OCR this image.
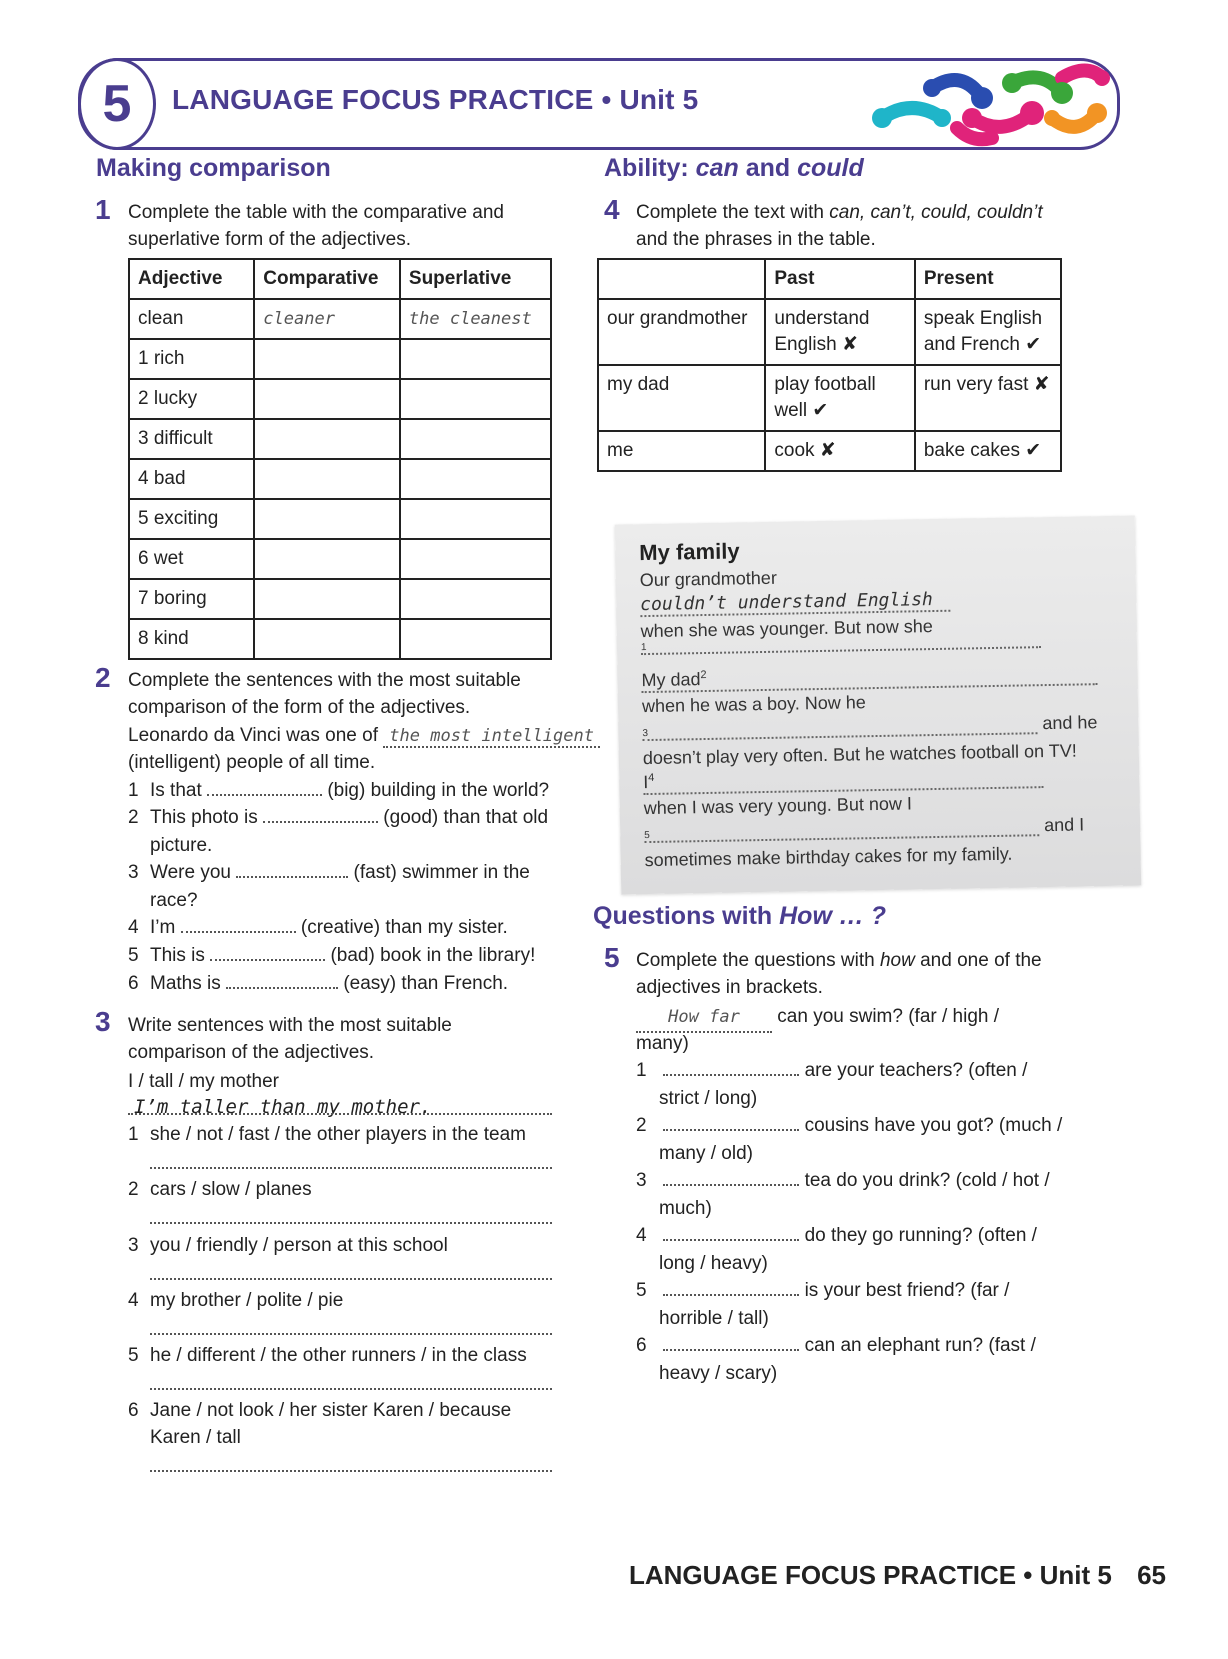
5	LANGUAGE FOCUS PRACTICE • Unit 5
Making comparison
1 Complete the table with the comparative and
superlative form of the adjectives.
Adjective	Comparative	Superlative
clean	cleaner	the cleanest
1 rich		
2 lucky		
3 difficult		
4 bad		
5 exciting		
6 wet		
7 boring		
8 kind		
2 Complete the sentences with the most suitable
comparison of the form of the adjectives.
Leonardo da Vinci was one of the most intelligent
(intelligent) people of all time.
1 Is that	(big) building in the world?
2 This photo is	(good) than that old
picture.
3 Were you	(fast) swimmer in the
race?
4 I’m	(creative) than my sister.
5 This is	(bad) book in the library!
6 Maths is	(easy) than French.
3 Write sentences with the most suitable
comparison of the adjectives.
I / tall / my mother
I’m taller than my mother.
1 she / not / fast / the other players in the team
2 cars / slow / planes
3 you / friendly / person at this school
4 my brother / polite / pie
5 he / different / the other runners / in the class
6 Jane / not look / her sister Karen / because
Karen / tall
Ability: can and could
4 Complete the text with can, can’t, could, couldn’t
and the phrases in the table.
	Past	Present
our grandmother	understand English ✘	speak English and French ✔
my dad	play football well ✔	run very fast ✘
me	cook ✘	bake cakes ✔
My family
Our grandmother
couldn’t understand English
when she was younger. But now she
1
My dad$^2$
when he was a boy. Now he
3 and he
doesn’t play very often. But he watches football on TV!
$I^4$
when I was very young. But now I
5 and I
sometimes make birthday cakes for my family.
Questions with How … ?
5 Complete the questions with how and one of the
adjectives in brackets.
How far can you swim? (far / high /
many)
1	are your teachers? (often /
strict / long)
2	cousins have you got? (much /
many / old)
3	tea do you drink? (cold / hot /
much)
4	do they go running? (often /
long / heavy)
5	is your best friend? (far /
horrible / tall)
6	can an elephant run? (fast /
heavy / scary)
LANGUAGE FOCUS PRACTICE • Unit 5 65
